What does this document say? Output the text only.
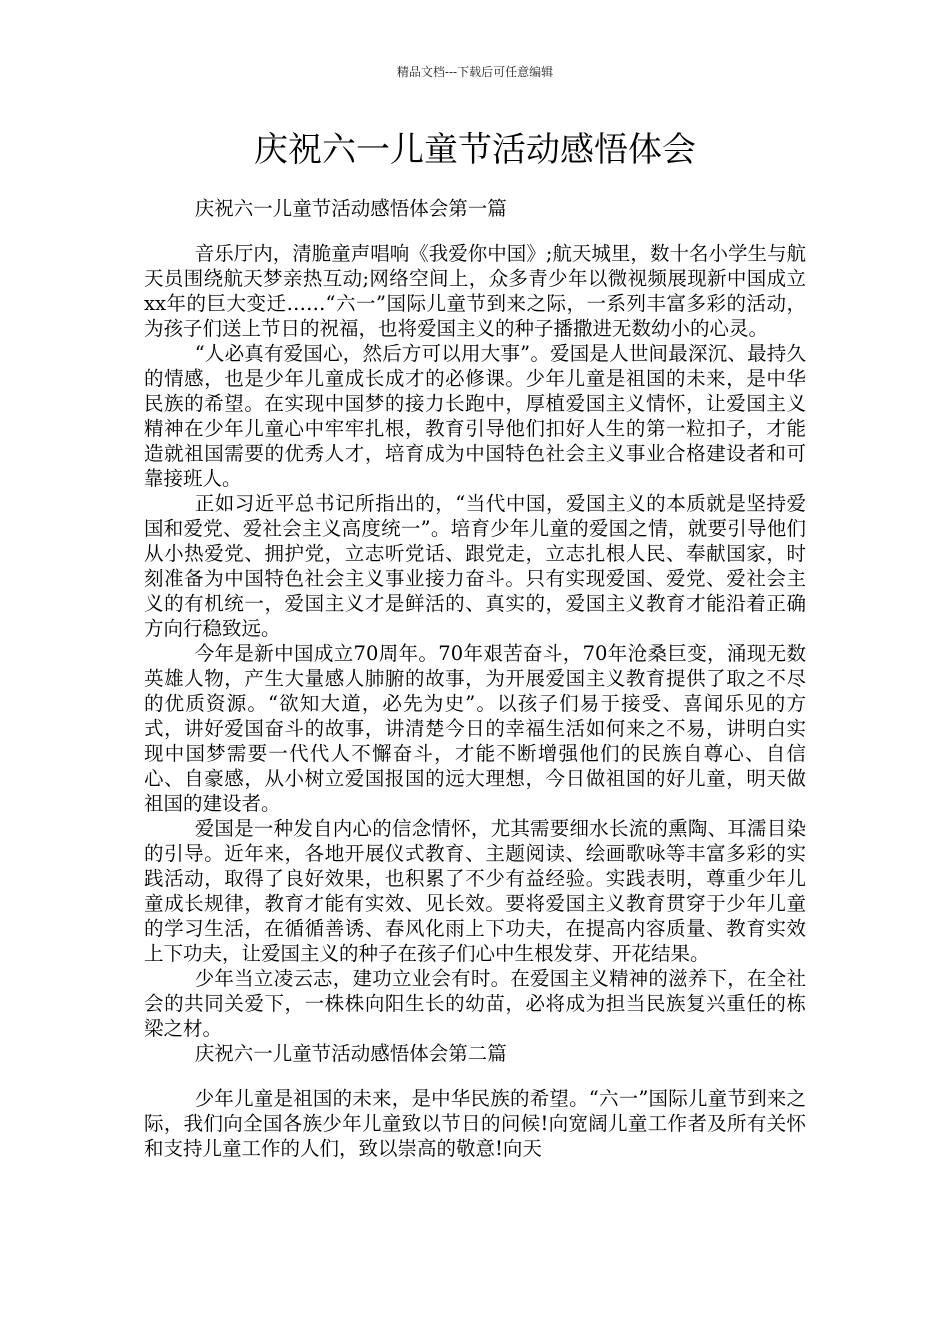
精品文档---下载后可任意编辑
庆祝六一儿童节活动感悟体会

庆祝六一儿童节活动感悟体会第一篇

音乐厅内，清脆童声唱响《我爱你中国》;航天城里，数十名小学生与航天员围绕航天梦亲热互动;网络空间上，众多青少年以微视频展现新中国成立xx年的巨大变迁……“六一”国际儿童节到来之际，一系列丰富多彩的活动，为孩子们送上节日的祝福，也将爱国主义的种子播撒进无数幼小的心灵。

“人必真有爱国心，然后方可以用大事”。爱国是人世间最深沉、最持久的情感，也是少年儿童成长成才的必修课。少年儿童是祖国的未来，是中华民族的希望。在实现中国梦的接力长跑中，厚植爱国主义情怀，让爱国主义精神在少年儿童心中牢牢扎根，教育引导他们扣好人生的第一粒扣子，才能造就祖国需要的优秀人才，培育成为中国特色社会主义事业合格建设者和可靠接班人。

正如习近平总书记所指出的，“当代中国，爱国主义的本质就是坚持爱国和爱党、爱社会主义高度统一”。培育少年儿童的爱国之情，就要引导他们从小热爱党、拥护党，立志听党话、跟党走，立志扎根人民、奉献国家，时刻准备为中国特色社会主义事业接力奋斗。只有实现爱国、爱党、爱社会主义的有机统一，爱国主义才是鲜活的、真实的，爱国主义教育才能沿着正确方向行稳致远。

今年是新中国成立70周年。70年艰苦奋斗，70年沧桑巨变，涌现无数英雄人物，产生大量感人肺腑的故事，为开展爱国主义教育提供了取之不尽的优质资源。“欲知大道，必先为史”。以孩子们易于接受、喜闻乐见的方式，讲好爱国奋斗的故事，讲清楚今日的幸福生活如何来之不易，讲明白实现中国梦需要一代代人不懈奋斗，才能不断增强他们的民族自尊心、自信心、自豪感，从小树立爱国报国的远大理想，今日做祖国的好儿童，明天做祖国的建设者。

爱国是一种发自内心的信念情怀，尤其需要细水长流的熏陶、耳濡目染的引导。近年来，各地开展仪式教育、主题阅读、绘画歌咏等丰富多彩的实践活动，取得了良好效果，也积累了不少有益经验。实践表明，尊重少年儿童成长规律，教育才能有实效、见长效。要将爱国主义教育贯穿于少年儿童的学习生活，在循循善诱、春风化雨上下功夫，在提高内容质量、教育实效上下功夫，让爱国主义的种子在孩子们心中生根发芽、开花结果。

少年当立凌云志，建功立业会有时。在爱国主义精神的滋养下，在全社会的共同关爱下，一株株向阳生长的幼苗，必将成为担当民族复兴重任的栋梁之材。

庆祝六一儿童节活动感悟体会第二篇

少年儿童是祖国的未来，是中华民族的希望。“六一”国际儿童节到来之际，我们向全国各族少年儿童致以节日的问候!向宽阔儿童工作者及所有关怀和支持儿童工作的人们，致以崇高的敬意!向天
